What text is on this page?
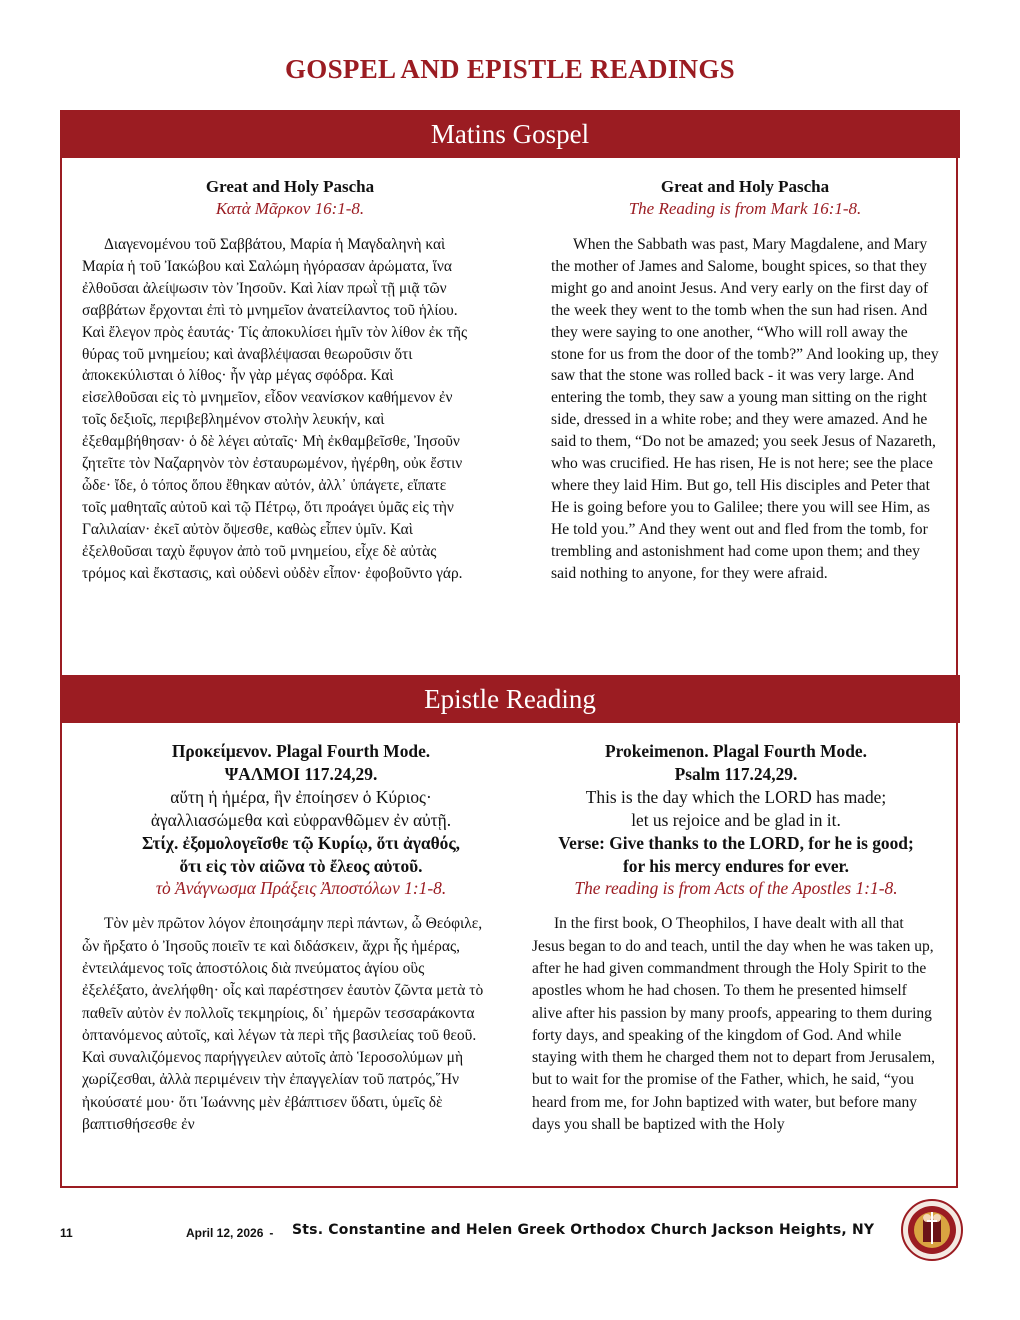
GOSPEL AND EPISTLE READINGS
Matins Gospel
Great and Holy Pascha
Κατὰ Μᾶρκον 16:1-8.
Διαγενομένου τοῦ Σαββάτου, Μαρία ἡ Μαγδαληνὴ καὶ Μαρία ἡ τοῦ Ἰακώβου καὶ Σαλώμη ἠγόρασαν ἀρώματα, ἵνα ἐλθοῦσαι ἀλείψωσιν τὸν Ἰησοῦν. Καὶ λίαν πρωῒ τῇ μιᾷ τῶν σαββάτων ἔρχονται ἐπὶ τὸ μνημεῖον ἀνατείλαντος τοῦ ἡλίου. Καὶ ἔλεγον πρὸς ἑαυτάς· Τίς ἀποκυλίσει ἡμῖν τὸν λίθον ἐκ τῆς θύρας τοῦ μνημείου; καὶ ἀναβλέψασαι θεωροῦσιν ὅτι ἀποκεκύλισται ὁ λίθος· ἦν γὰρ μέγας σφόδρα. Καὶ εἰσελθοῦσαι εἰς τὸ μνημεῖον, εἶδον νεανίσκον καθήμενον ἐν τοῖς δεξιοῖς, περιβεβλημένον στολὴν λευκήν, καὶ ἐξεθαμβήθησαν· ὁ δὲ λέγει αὐταῖς· Μὴ ἐκθαμβεῖσθε, Ἰησοῦν ζητεῖτε τὸν Ναζαρηνὸν τὸν ἐσταυρωμένον, ἠγέρθη, οὐκ ἔστιν ὧδε· ἴδε, ὁ τόπος ὅπου ἔθηκαν αὐτόν, ἀλλ᾽ ὑπάγετε, εἴπατε τοῖς μαθηταῖς αὐτοῦ καὶ τῷ Πέτρῳ, ὅτι προάγει ὑμᾶς εἰς τὴν Γαλιλαίαν· ἐκεῖ αὐτὸν ὄψεσθε, καθὼς εἶπεν ὑμῖν. Καὶ ἐξελθοῦσαι ταχὺ ἔφυγον ἀπὸ τοῦ μνημείου, εἶχε δὲ αὐτὰς τρόμος καὶ ἔκστασις, καὶ οὐδενὶ οὐδὲν εἶπον· ἐφοβοῦντο γάρ.
Great and Holy Pascha
The Reading is from Mark 16:1-8.
When the Sabbath was past, Mary Magdalene, and Mary the mother of James and Salome, bought spices, so that they might go and anoint Jesus. And very early on the first day of the week they went to the tomb when the sun had risen. And they were saying to one another, “Who will roll away the stone for us from the door of the tomb?” And looking up, they saw that the stone was rolled back - it was very large. And entering the tomb, they saw a young man sitting on the right side, dressed in a white robe; and they were amazed. And he said to them, “Do not be amazed; you seek Jesus of Nazareth, who was crucified. He has risen, He is not here; see the place where they laid Him. But go, tell His disciples and Peter that He is going before you to Galilee; there you will see Him, as He told you.” And they went out and fled from the tomb, for trembling and astonishment had come upon them; and they said nothing to anyone, for they were afraid.
Epistle Reading
Προκείμενον. Plagal Fourth Mode.
ΨΑΛΜΟΙ 117.24,29.
αὕτη ἡ ἡμέρα, ἣν ἐποίησεν ὁ Κύριος·
ἀγαλλιασώμεθα καὶ εὐφρανθῶμεν ἐν αὐτῇ.
Στίχ. ἐξομολογεῖσθε τῷ Κυρίῳ, ὅτι ἀγαθός,
ὅτι εἰς τὸν αἰῶνα τὸ ἔλεος αὐτοῦ.
τὸ Ἀνάγνωσμα Πράξεις Ἀποστόλων 1:1-8.
Τὸν μὲν πρῶτον λόγον ἐποιησάμην περὶ πάντων, ὦ Θεόφιλε, ὧν ἤρξατο ὁ Ἰησοῦς ποιεῖν τε καὶ διδάσκειν, ἄχρι ἧς ἡμέρας, ἐντειλάμενος τοῖς ἀποστόλοις διὰ πνεύματος ἁγίου οὓς ἐξελέξατο, ἀνελήφθη· οἷς καὶ παρέστησεν ἑαυτὸν ζῶντα μετὰ τὸ παθεῖν αὐτὸν ἐν πολλοῖς τεκμηρίοις, δι᾽ ἡμερῶν τεσσαράκοντα ὀπτανόμενος αὐτοῖς, καὶ λέγων τὰ περὶ τῆς βασιλείας τοῦ θεοῦ. Καὶ συναλιζόμενος παρήγγειλεν αὐτοῖς ἀπὸ Ἱεροσολύμων μὴ χωρίζεσθαι, ἀλλὰ περιμένειν τὴν ἐπαγγελίαν τοῦ πατρός,῞Ην ἠκούσατέ μου· ὅτι Ἰωάννης μὲν ἐβάπτισεν ὕδατι, ὑμεῖς δὲ βαπτισθήσεσθε ἐν
Prokeimenon. Plagal Fourth Mode.
Psalm 117.24,29.
This is the day which the LORD has made;
let us rejoice and be glad in it.
Verse: Give thanks to the LORD, for he is good;
for his mercy endures for ever.
The reading is from Acts of the Apostles 1:1-8.
In the first book, O Theophilos, I have dealt with all that Jesus began to do and teach, until the day when he was taken up, after he had given commandment through the Holy Spirit to the apostles whom he had chosen. To them he presented himself alive after his passion by many proofs, appearing to them during forty days, and speaking of the kingdom of God. And while staying with them he charged them not to depart from Jerusalem, but to wait for the promise of the Father, which, he said, “you heard from me, for John baptized with water, but before many days you shall be baptized with the Holy
11	April 12, 2026 -	Sts. Constantine and Helen Greek Orthodox Church Jackson Heights, NY
